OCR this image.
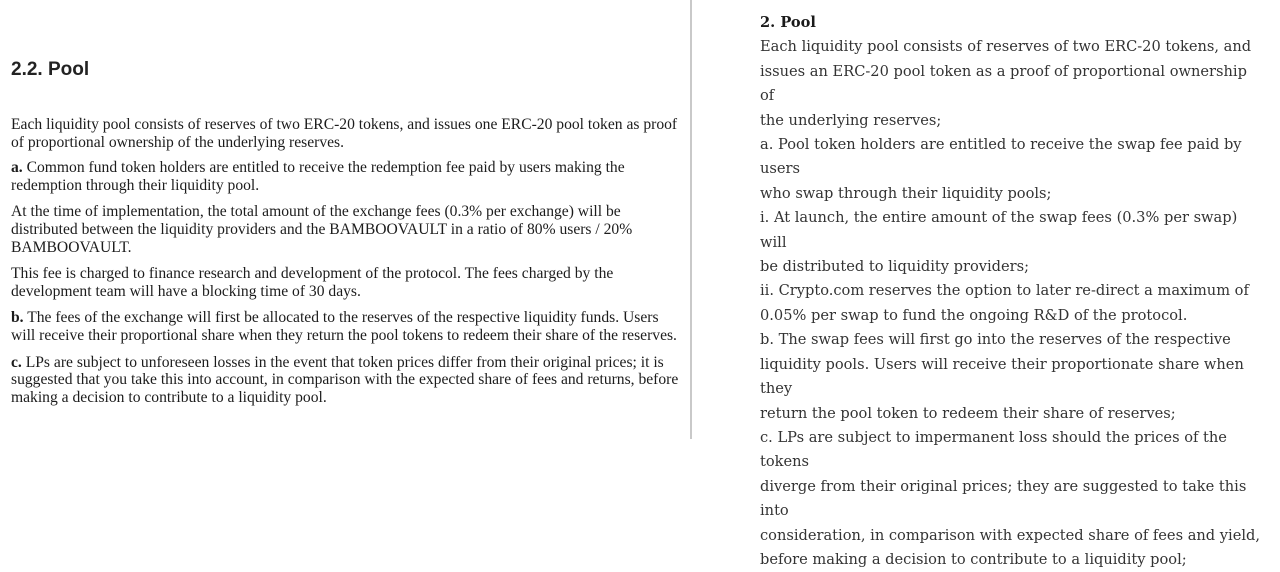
2.2. Pool

Each liquidity pool consists of reserves of two ERC-20 tokens, and issues one ERC-20 pool token as proof of proportional ownership of the underlying reserves.

a. Common fund token holders are entitled to receive the redemption fee paid by users making the redemption through their liquidity pool.

At the time of implementation, the total amount of the exchange fees (0.3% per exchange) will be distributed between the liquidity providers and the BAMBOOVAULT in a ratio of 80% users / 20% BAMBOOVAULT.

This fee is charged to finance research and development of the protocol. The fees charged by the development team will have a blocking time of 30 days.

b. The fees of the exchange will first be allocated to the reserves of the respective liquidity funds. Users will receive their proportional share when they return the pool tokens to redeem their share of the reserves.

c. LPs are subject to unforeseen losses in the event that token prices differ from their original prices; it is suggested that you take this into account, in comparison with the expected share of fees and returns, before making a decision to contribute to a liquidity pool.

2. Pool
Each liquidity pool consists of reserves of two ERC-20 tokens, and
issues an ERC-20 pool token as a proof of proportional ownership of
the underlying reserves;
a. Pool token holders are entitled to receive the swap fee paid by users
who swap through their liquidity pools;
i. At launch, the entire amount of the swap fees (0.3% per swap) will
be distributed to liquidity providers;
ii. Crypto.com reserves the option to later re-direct a maximum of
0.05% per swap to fund the ongoing R&D of the protocol.
b. The swap fees will first go into the reserves of the respective
liquidity pools. Users will receive their proportionate share when they
return the pool token to redeem their share of reserves;
c. LPs are subject to impermanent loss should the prices of the tokens
diverge from their original prices; they are suggested to take this into
consideration, in comparison with expected share of fees and yield,
before making a decision to contribute to a liquidity pool;
